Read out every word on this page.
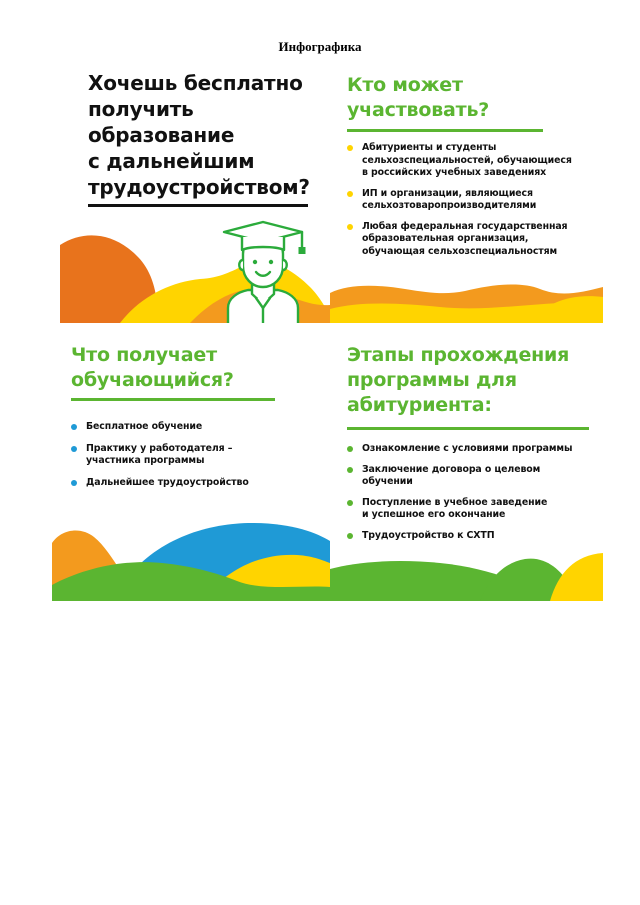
Инфографика
Хочешь бесплатно
получить
образование
с дальнейшим
трудоустройством?
Кто может
участвовать?
Абитуриенты и студенты
сельхозспециальностей, обучающиеся
в российских учебных заведениях
ИП и организации, являющиеся
сельхозтоваропроизводителями
Любая федеральная государственная
образовательная организация,
обучающая сельхозспециальностям
Что получает
обучающийся?
Бесплатное обучение
Практику у работодателя –
участника программы
Дальнейшее трудоустройство
Этапы прохождения
программы для
абитуриента:
Ознакомление с условиями программы
Заключение договора о целевом
обучении
Поступление в учебное заведение
и успешное его окончание
Трудоустройство к СХТП
